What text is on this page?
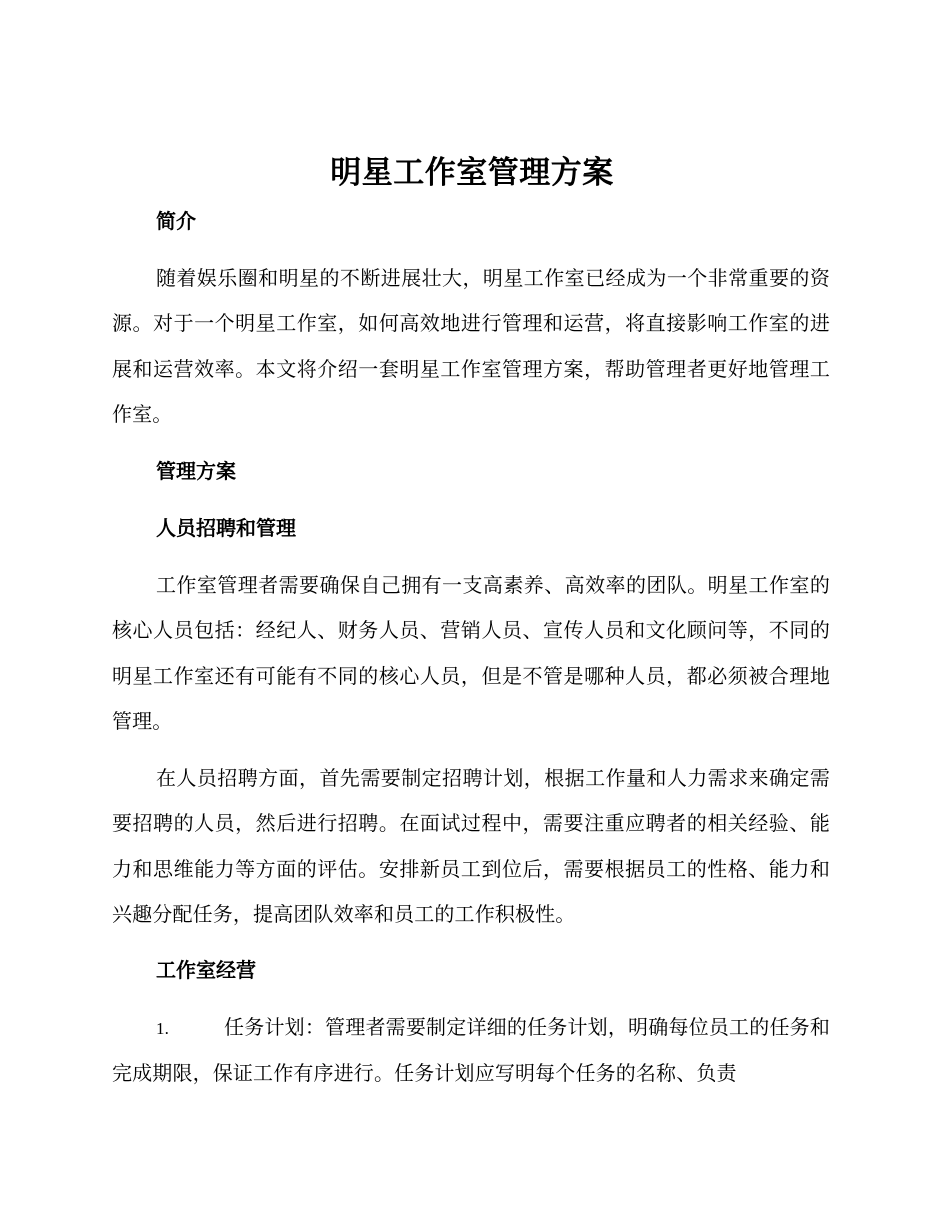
明星工作室管理方案
简介
随着娱乐圈和明星的不断进展壮大，明星工作室已经成为一个非常重要的资源。对于一个明星工作室，如何高效地进行管理和运营，将直接影响工作室的进展和运营效率。本文将介绍一套明星工作室管理方案，帮助管理者更好地管理工作室。
管理方案
人员招聘和管理
工作室管理者需要确保自己拥有一支高素养、高效率的团队。明星工作室的核心人员包括：经纪人、财务人员、营销人员、宣传人员和文化顾问等，不同的明星工作室还有可能有不同的核心人员，但是不管是哪种人员，都必须被合理地管理。
在人员招聘方面，首先需要制定招聘计划，根据工作量和人力需求来确定需要招聘的人员，然后进行招聘。在面试过程中，需要注重应聘者的相关经验、能力和思维能力等方面的评估。安排新员工到位后，需要根据员工的性格、能力和兴趣分配任务，提高团队效率和员工的工作积极性。
工作室经营
1.	任务计划：管理者需要制定详细的任务计划，明确每位员工的任务和完成期限，保证工作有序进行。任务计划应写明每个任务的名称、负责
